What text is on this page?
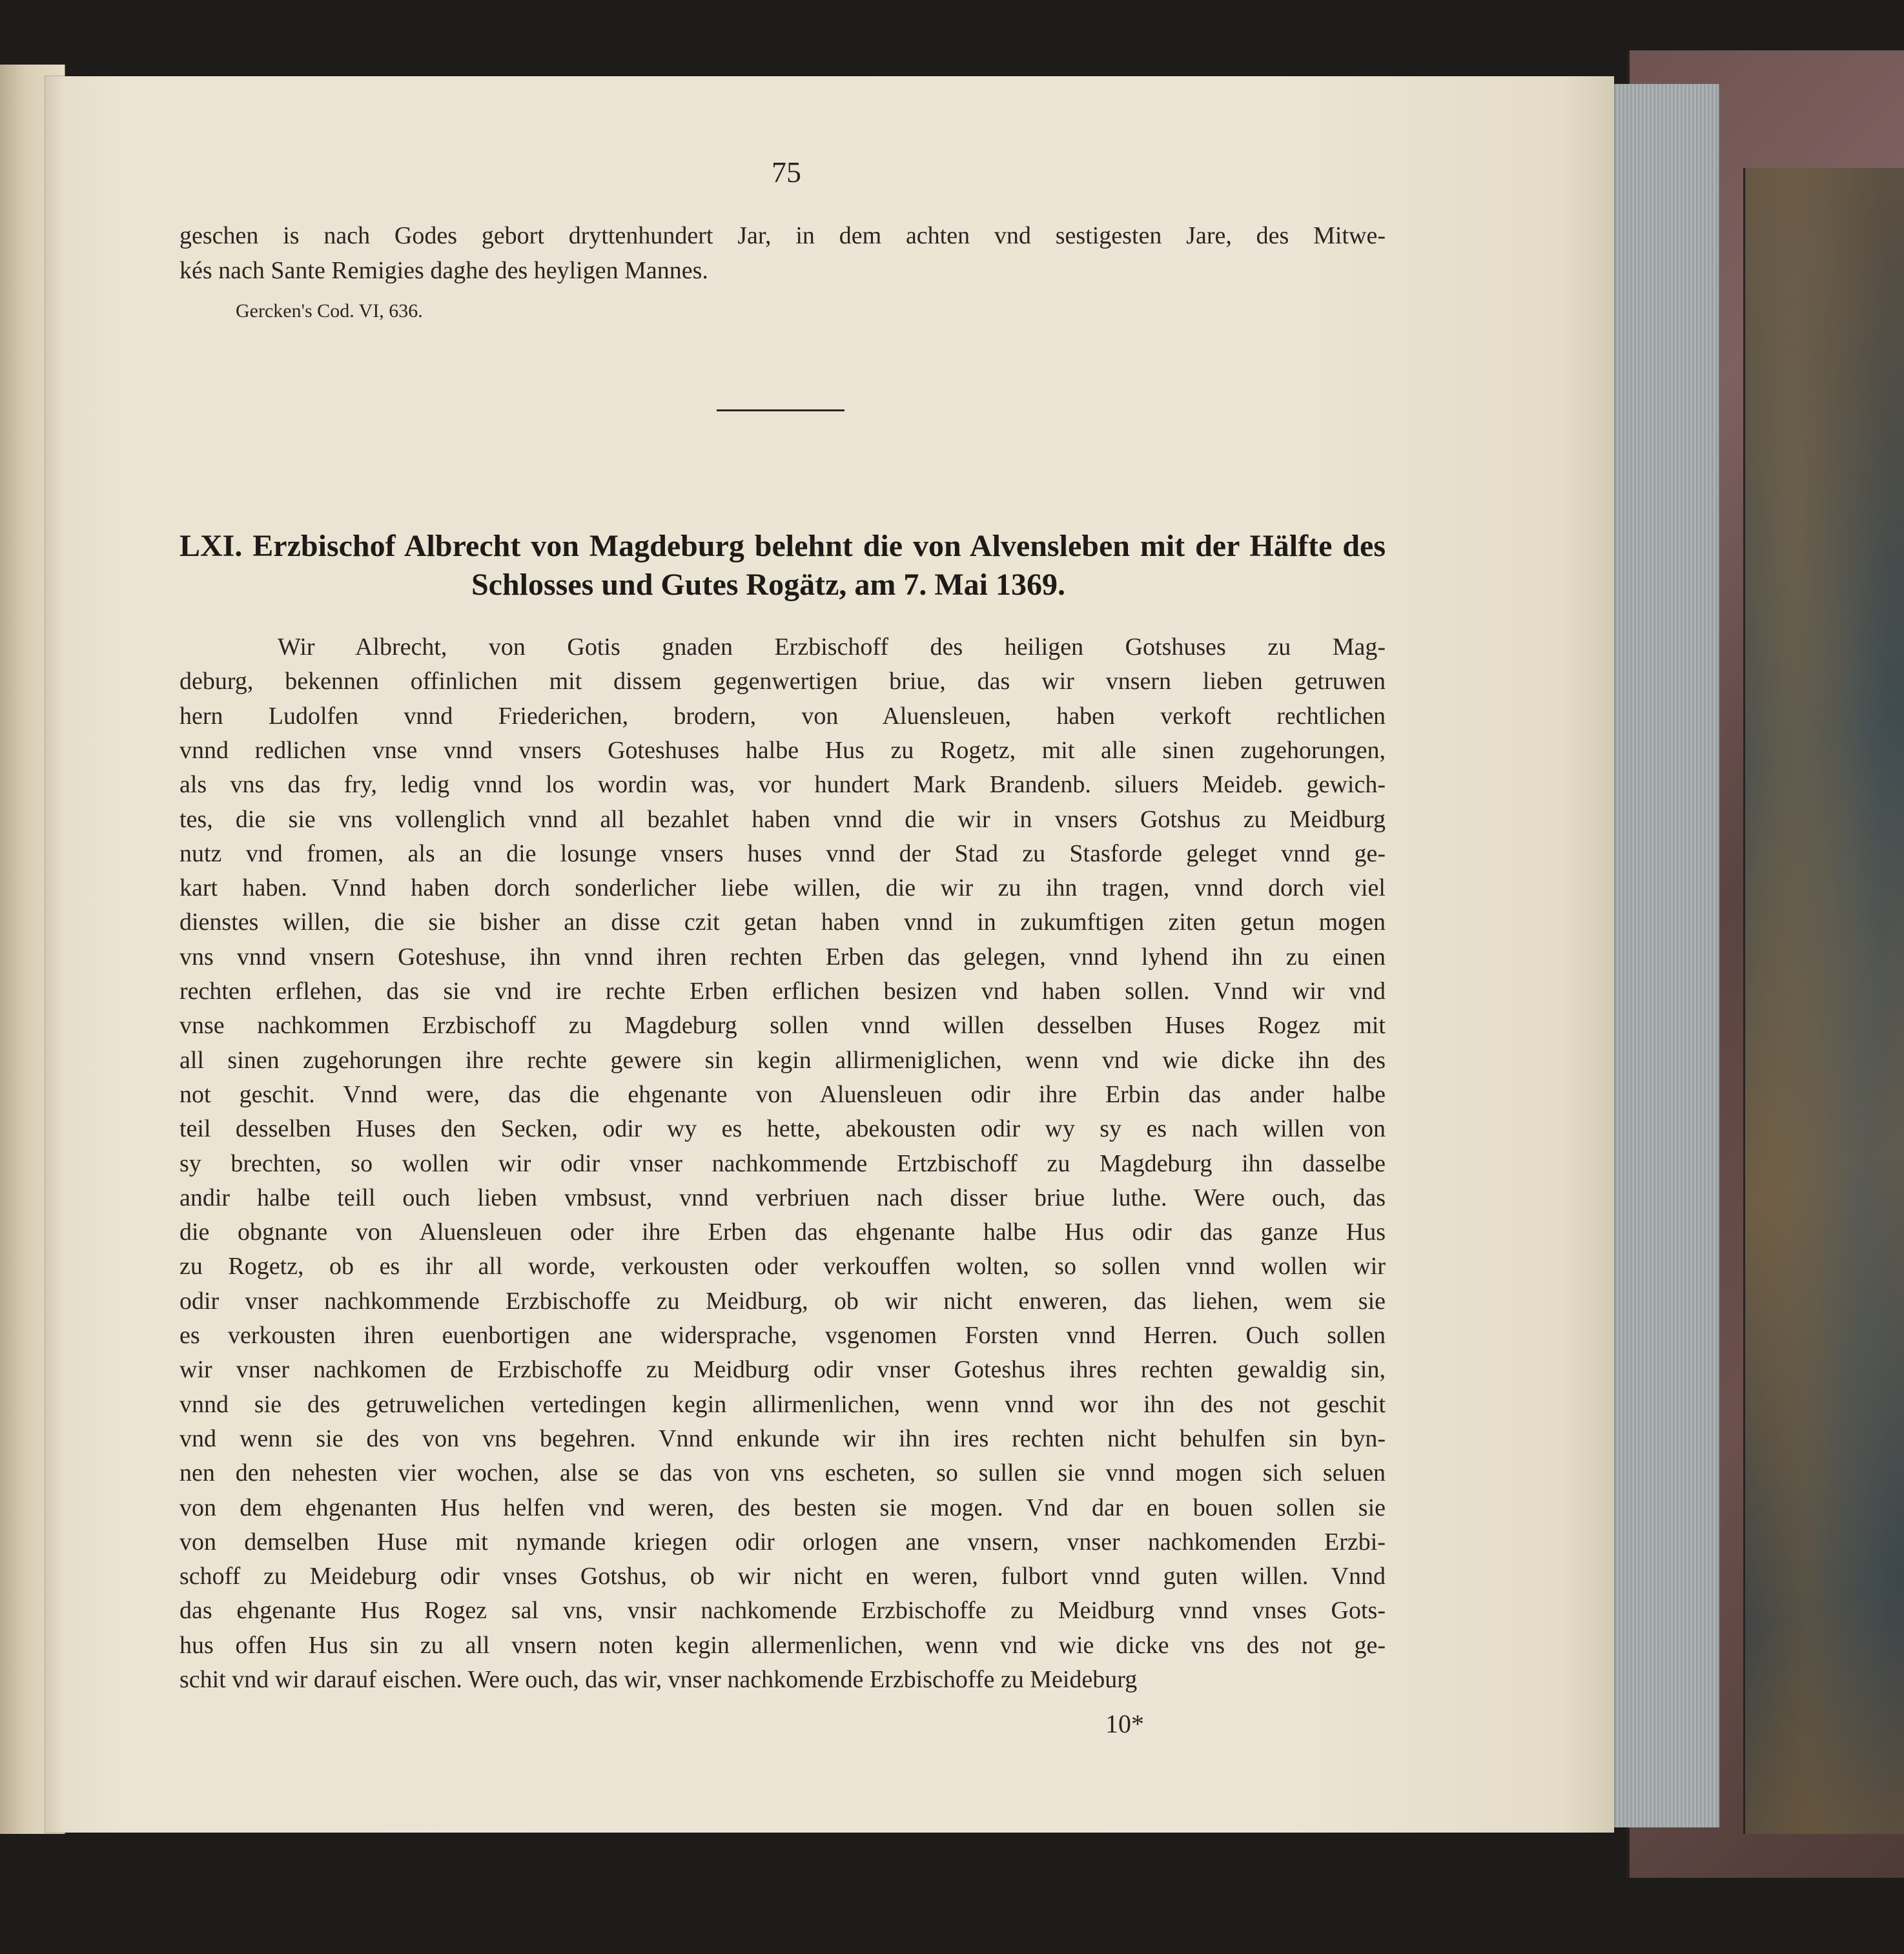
75

geschen is nach Godes gebort dryttenhundert Jar, in dem achten vnd sestigesten Jare, des Mitwe-

kés nach Sante Remigies daghe des heyligen Mannes.

Gercken's Cod. VI, 636.

LXI. Erzbischof Albrecht von Magdeburg belehnt die von Alvensleben mit der Hälfte des

Schlosses und Gutes Rogätz, am 7. Mai 1369.

Wir Albrecht, von Gotis gnaden Erzbischoff des heiligen Gotshuses zu Mag-

deburg, bekennen offinlichen mit dissem gegenwertigen briue, das wir vnsern lieben getruwen

hern Ludolfen vnnd Friederichen, brodern, von Aluensleuen, haben verkoft rechtlichen

vnnd redlichen vnse vnnd vnsers Goteshuses halbe Hus zu Rogetz, mit alle sinen zugehorungen,

als vns das fry, ledig vnnd los wordin was, vor hundert Mark Brandenb. siluers Meideb. gewich-

tes, die sie vns vollenglich vnnd all bezahlet haben vnnd die wir in vnsers Gotshus zu Meidburg

nutz vnd fromen, als an die losunge vnsers huses vnnd der Stad zu Stasforde geleget vnnd ge-

kart haben. Vnnd haben dorch sonderlicher liebe willen, die wir zu ihn tragen, vnnd dorch viel

dienstes willen, die sie bisher an disse czit getan haben vnnd in zukumftigen ziten getun mogen

vns vnnd vnsern Goteshuse, ihn vnnd ihren rechten Erben das gelegen, vnnd lyhend ihn zu einen

rechten erflehen, das sie vnd ire rechte Erben erflichen besizen vnd haben sollen. Vnnd wir vnd

vnse nachkommen Erzbischoff zu Magdeburg sollen vnnd willen desselben Huses Rogez mit

all sinen zugehorungen ihre rechte gewere sin kegin allirmeniglichen, wenn vnd wie dicke ihn des

not geschit. Vnnd were, das die ehgenante von Aluensleuen odir ihre Erbin das ander halbe

teil desselben Huses den Secken, odir wy es hette, abekousten odir wy sy es nach willen von

sy brechten, so wollen wir odir vnser nachkommende Ertzbischoff zu Magdeburg ihn dasselbe

andir halbe teill ouch lieben vmbsust, vnnd verbriuen nach disser briue luthe. Were ouch, das

die obgnante von Aluensleuen oder ihre Erben das ehgenante halbe Hus odir das ganze Hus

zu Rogetz, ob es ihr all worde, verkousten oder verkouffen wolten, so sollen vnnd wollen wir

odir vnser nachkommende Erzbischoffe zu Meidburg, ob wir nicht enweren, das liehen, wem sie

es verkousten ihren euenbortigen ane widersprache, vsgenomen Forsten vnnd Herren. Ouch sollen

wir vnser nachkomen de Erzbischoffe zu Meidburg odir vnser Goteshus ihres rechten gewaldig sin,

vnnd sie des getruwelichen vertedingen kegin allirmenlichen, wenn vnnd wor ihn des not geschit

vnd wenn sie des von vns begehren. Vnnd enkunde wir ihn ires rechten nicht behulfen sin byn-

nen den nehesten vier wochen, alse se das von vns escheten, so sullen sie vnnd mogen sich seluen

von dem ehgenanten Hus helfen vnd weren, des besten sie mogen. Vnd dar en bouen sollen sie

von demselben Huse mit nymande kriegen odir orlogen ane vnsern, vnser nachkomenden Erzbi-

schoff zu Meideburg odir vnses Gotshus, ob wir nicht en weren, fulbort vnnd guten willen. Vnnd

das ehgenante Hus Rogez sal vns, vnsir nachkomende Erzbischoffe zu Meidburg vnnd vnses Gots-

hus offen Hus sin zu all vnsern noten kegin allermenlichen, wenn vnd wie dicke vns des not ge-

schit vnd wir darauf eischen. Were ouch, das wir, vnser nachkomende Erzbischoffe zu Meideburg

10*
